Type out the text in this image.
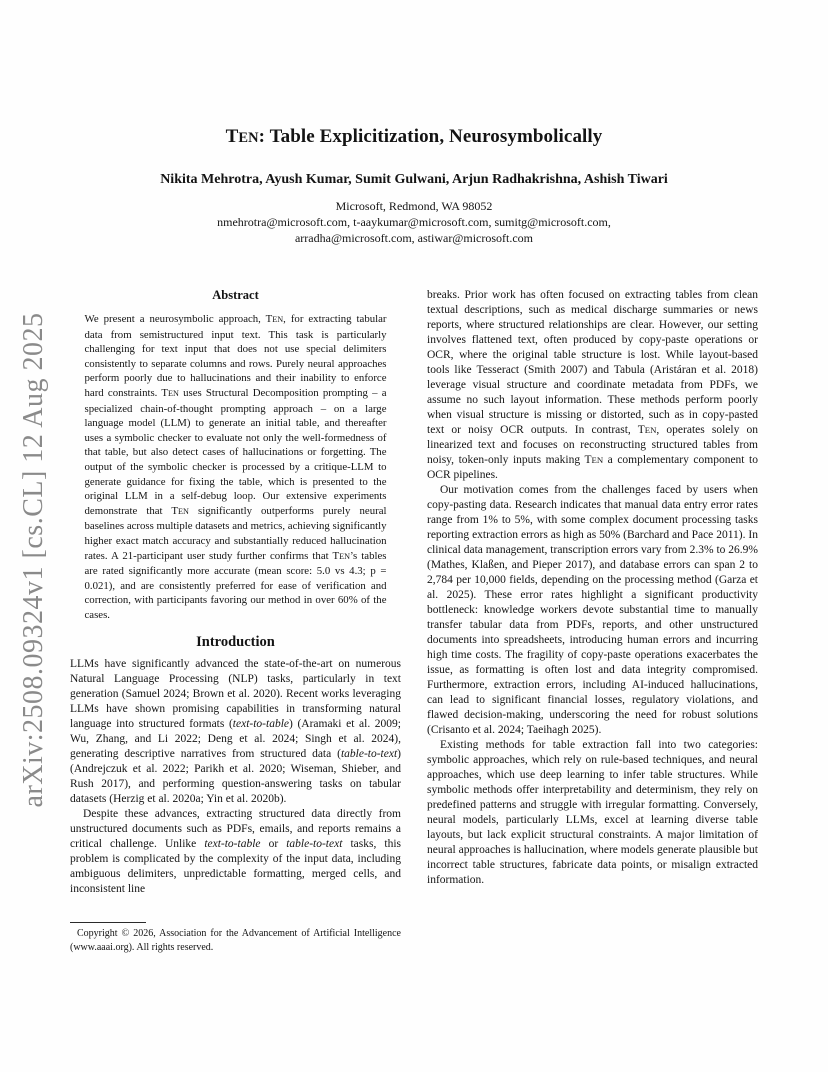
arXiv:2508.09324v1 [cs.CL] 12 Aug 2025
TEN: Table Explicitization, Neurosymbolically
Nikita Mehrotra, Ayush Kumar, Sumit Gulwani, Arjun Radhakrishna, Ashish Tiwari
Microsoft, Redmond, WA 98052
nmehrotra@microsoft.com, t-aaykumar@microsoft.com, sumitg@microsoft.com,
arradha@microsoft.com, astiwar@microsoft.com
Abstract

We present a neurosymbolic approach, TEN, for extracting tabular data from semistructured input text. This task is particularly challenging for text input that does not use special delimiters consistently to separate columns and rows. Purely neural approaches perform poorly due to hallucinations and their inability to enforce hard constraints. TEN uses Structural Decomposition prompting – a specialized chain-of-thought prompting approach – on a large language model (LLM) to generate an initial table, and thereafter uses a symbolic checker to evaluate not only the well-formedness of that table, but also detect cases of hallucinations or forgetting. The output of the symbolic checker is processed by a critique-LLM to generate guidance for fixing the table, which is presented to the original LLM in a self-debug loop. Our extensive experiments demonstrate that TEN significantly outperforms purely neural baselines across multiple datasets and metrics, achieving significantly higher exact match accuracy and substantially reduced hallucination rates. A 21-participant user study further confirms that TEN’s tables are rated significantly more accurate (mean score: 5.0 vs 4.3; p = 0.021), and are consistently preferred for ease of verification and correction, with participants favoring our method in over 60% of the cases.

Introduction

LLMs have significantly advanced the state-of-the-art on numerous Natural Language Processing (NLP) tasks, particularly in text generation (Samuel 2024; Brown et al. 2020). Recent works leveraging LLMs have shown promising capabilities in transforming natural language into structured formats (text-to-table) (Aramaki et al. 2009; Wu, Zhang, and Li 2022; Deng et al. 2024; Singh et al. 2024), generating descriptive narratives from structured data (table-to-text) (Andrejczuk et al. 2022; Parikh et al. 2020; Wiseman, Shieber, and Rush 2017), and performing question-answering tasks on tabular datasets (Herzig et al. 2020a; Yin et al. 2020b).

Despite these advances, extracting structured data directly from unstructured documents such as PDFs, emails, and reports remains a critical challenge. Unlike text-to-table or table-to-text tasks, this problem is complicated by the complexity of the input data, including ambiguous delimiters, unpredictable formatting, merged cells, and inconsistent line

Copyright © 2026, Association for the Advancement of Artificial Intelligence (www.aaai.org). All rights reserved.

breaks. Prior work has often focused on extracting tables from clean textual descriptions, such as medical discharge summaries or news reports, where structured relationships are clear. However, our setting involves flattened text, often produced by copy-paste operations or OCR, where the original table structure is lost. While layout-based tools like Tesseract (Smith 2007) and Tabula (Aristáran et al. 2018) leverage visual structure and coordinate metadata from PDFs, we assume no such layout information. These methods perform poorly when visual structure is missing or distorted, such as in copy-pasted text or noisy OCR outputs. In contrast, TEN, operates solely on linearized text and focuses on reconstructing structured tables from noisy, token-only inputs making TEN a complementary component to OCR pipelines.

Our motivation comes from the challenges faced by users when copy-pasting data. Research indicates that manual data entry error rates range from 1% to 5%, with some complex document processing tasks reporting extraction errors as high as 50% (Barchard and Pace 2011). In clinical data management, transcription errors vary from 2.3% to 26.9% (Mathes, Klaßen, and Pieper 2017), and database errors can span 2 to 2,784 per 10,000 fields, depending on the processing method (Garza et al. 2025). These error rates highlight a significant productivity bottleneck: knowledge workers devote substantial time to manually transfer tabular data from PDFs, reports, and other unstructured documents into spreadsheets, introducing human errors and incurring high time costs. The fragility of copy-paste operations exacerbates the issue, as formatting is often lost and data integrity compromised. Furthermore, extraction errors, including AI-induced hallucinations, can lead to significant financial losses, regulatory violations, and flawed decision-making, underscoring the need for robust solutions (Crisanto et al. 2024; Taeihagh 2025).

Existing methods for table extraction fall into two categories: symbolic approaches, which rely on rule-based techniques, and neural approaches, which use deep learning to infer table structures. While symbolic methods offer interpretability and determinism, they rely on predefined patterns and struggle with irregular formatting. Conversely, neural models, particularly LLMs, excel at learning diverse table layouts, but lack explicit structural constraints. A major limitation of neural approaches is hallucination, where models generate plausible but incorrect table structures, fabricate data points, or misalign extracted information.
